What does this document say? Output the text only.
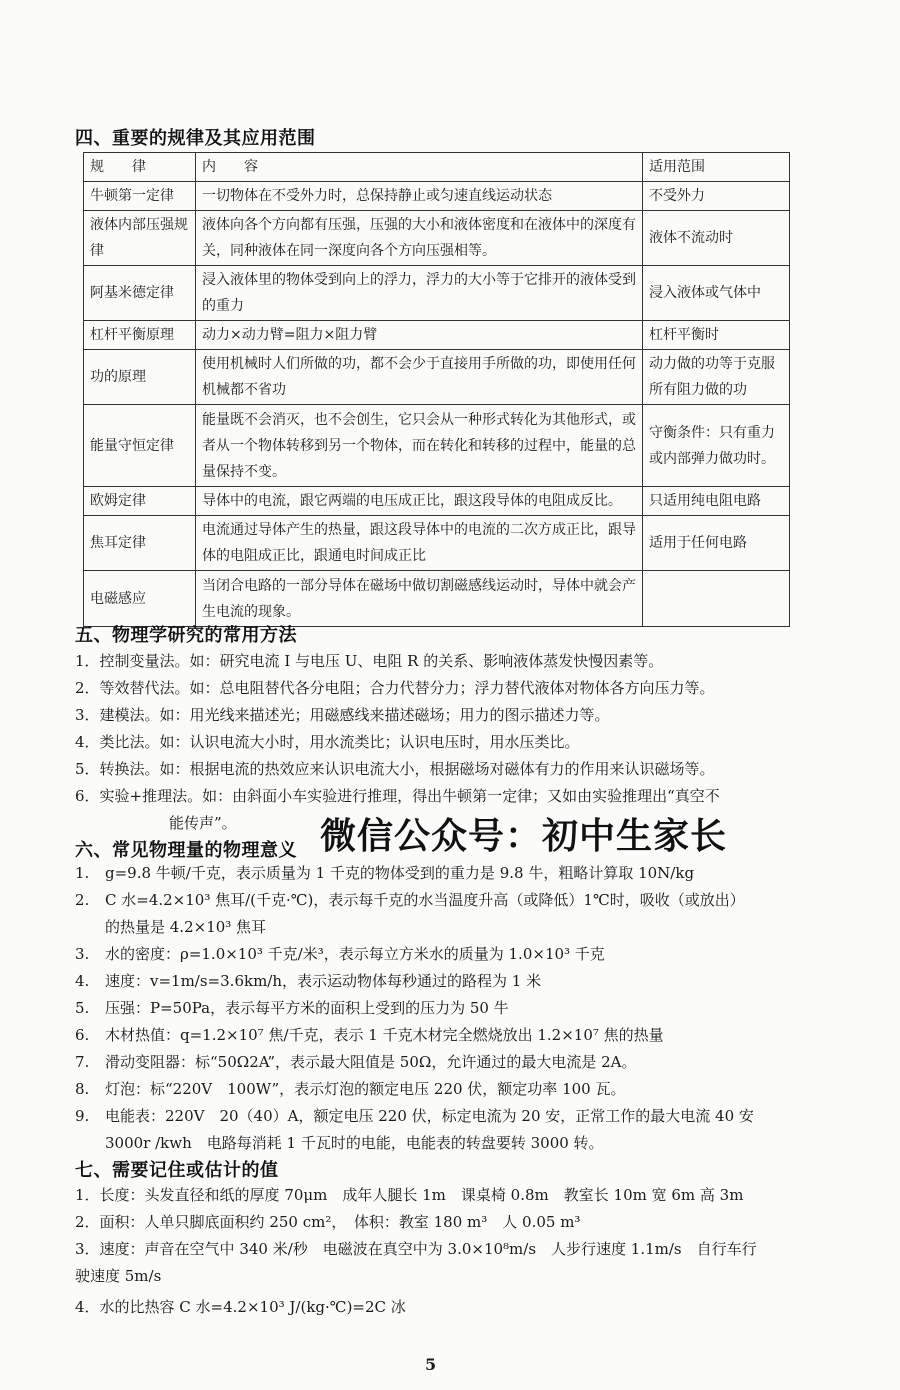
四、重要的规律及其应用范围
规　　律	内　　容	适用范围
牛顿第一定律	一切物体在不受外力时，总保持静止或匀速直线运动状态	不受外力
液体内部压强规律	液体向各个方向都有压强，压强的大小和液体密度和在液体中的深度有关，同种液体在同一深度向各个方向压强相等。	液体不流动时
阿基米德定律	浸入液体里的物体受到向上的浮力，浮力的大小等于它排开的液体受到的重力	浸入液体或气体中
杠杆平衡原理	动力×动力臂=阻力×阻力臂	杠杆平衡时
功的原理	使用机械时人们所做的功，都不会少于直接用手所做的功，即使用任何机械都不省功	动力做的功等于克服所有阻力做的功
能量守恒定律	能量既不会消灭，也不会创生，它只会从一种形式转化为其他形式，或者从一个物体转移到另一个物体，而在转化和转移的过程中，能量的总量保持不变。	守衡条件：只有重力或内部弹力做功时。
欧姆定律	导体中的电流，跟它两端的电压成正比，跟这段导体的电阻成反比。	只适用纯电阻电路
焦耳定律	电流通过导体产生的热量，跟这段导体中的电流的二次方成正比，跟导体的电阻成正比，跟通电时间成正比	适用于任何电路
电磁感应	当闭合电路的一部分导体在磁场中做切割磁感线运动时，导体中就会产生电流的现象。	
五、物理学研究的常用方法
1．控制变量法。如：研究电流 I 与电压 U、电阻 R 的关系、影响液体蒸发快慢因素等。
2．等效替代法。如：总电阻替代各分电阻；合力代替分力；浮力替代液体对物体各方向压力等。
3．建模法。如：用光线来描述光；用磁感线来描述磁场；用力的图示描述力等。
4．类比法。如：认识电流大小时，用水流类比；认识电压时，用水压类比。
5．转换法。如：根据电流的热效应来认识电流大小，根据磁场对磁体有力的作用来认识磁场等。
6．实验+推理法。如：由斜面小车实验进行推理，得出牛顿第一定律；又如由实验推理出“真空不
能传声”。
六、常见物理量的物理意义 微信公众号：初中生家长
1. g=9.8 牛顿/千克，表示质量为 1 千克的物体受到的重力是 9.8 牛，粗略计算取 10N/kg
2. C 水=4.2×10³ 焦耳/(千克·℃)，表示每千克的水当温度升高（或降低）1℃时，吸收（或放出）
的热量是 4.2×10³ 焦耳
3. 水的密度：ρ=1.0×10³ 千克/米³，表示每立方米水的质量为 1.0×10³ 千克
4. 速度：v=1m/s=3.6km/h，表示运动物体每秒通过的路程为 1 米
5. 压强：P=50Pa，表示每平方米的面积上受到的压力为 50 牛
6. 木材热值：q=1.2×10⁷ 焦/千克，表示 1 千克木材完全燃烧放出 1.2×10⁷ 焦的热量
7. 滑动变阻器：标“50Ω2A”，表示最大阻值是 50Ω，允许通过的最大电流是 2A。
8. 灯泡：标“220V　100W”，表示灯泡的额定电压 220 伏，额定功率 100 瓦。
9. 电能表：220V　20（40）A，额定电压 220 伏，标定电流为 20 安，正常工作的最大电流 40 安
3000r /kwh　电路每消耗 1 千瓦时的电能，电能表的转盘要转 3000 转。
七、需要记住或估计的值
1．长度：头发直径和纸的厚度 70μm　成年人腿长 1m　课桌椅 0.8m　教室长 10m 宽 6m 高 3m
2．面积：人单只脚底面积约 250 cm²，　体积：教室 180 m³　人 0.05 m³
3．速度：声音在空气中 340 米/秒　电磁波在真空中为 3.0×10⁸m/s　人步行速度 1.1m/s　自行车行
驶速度 5m/s
4．水的比热容 C 水=4.2×10³ J/(kg·℃)=2C 冰
5
